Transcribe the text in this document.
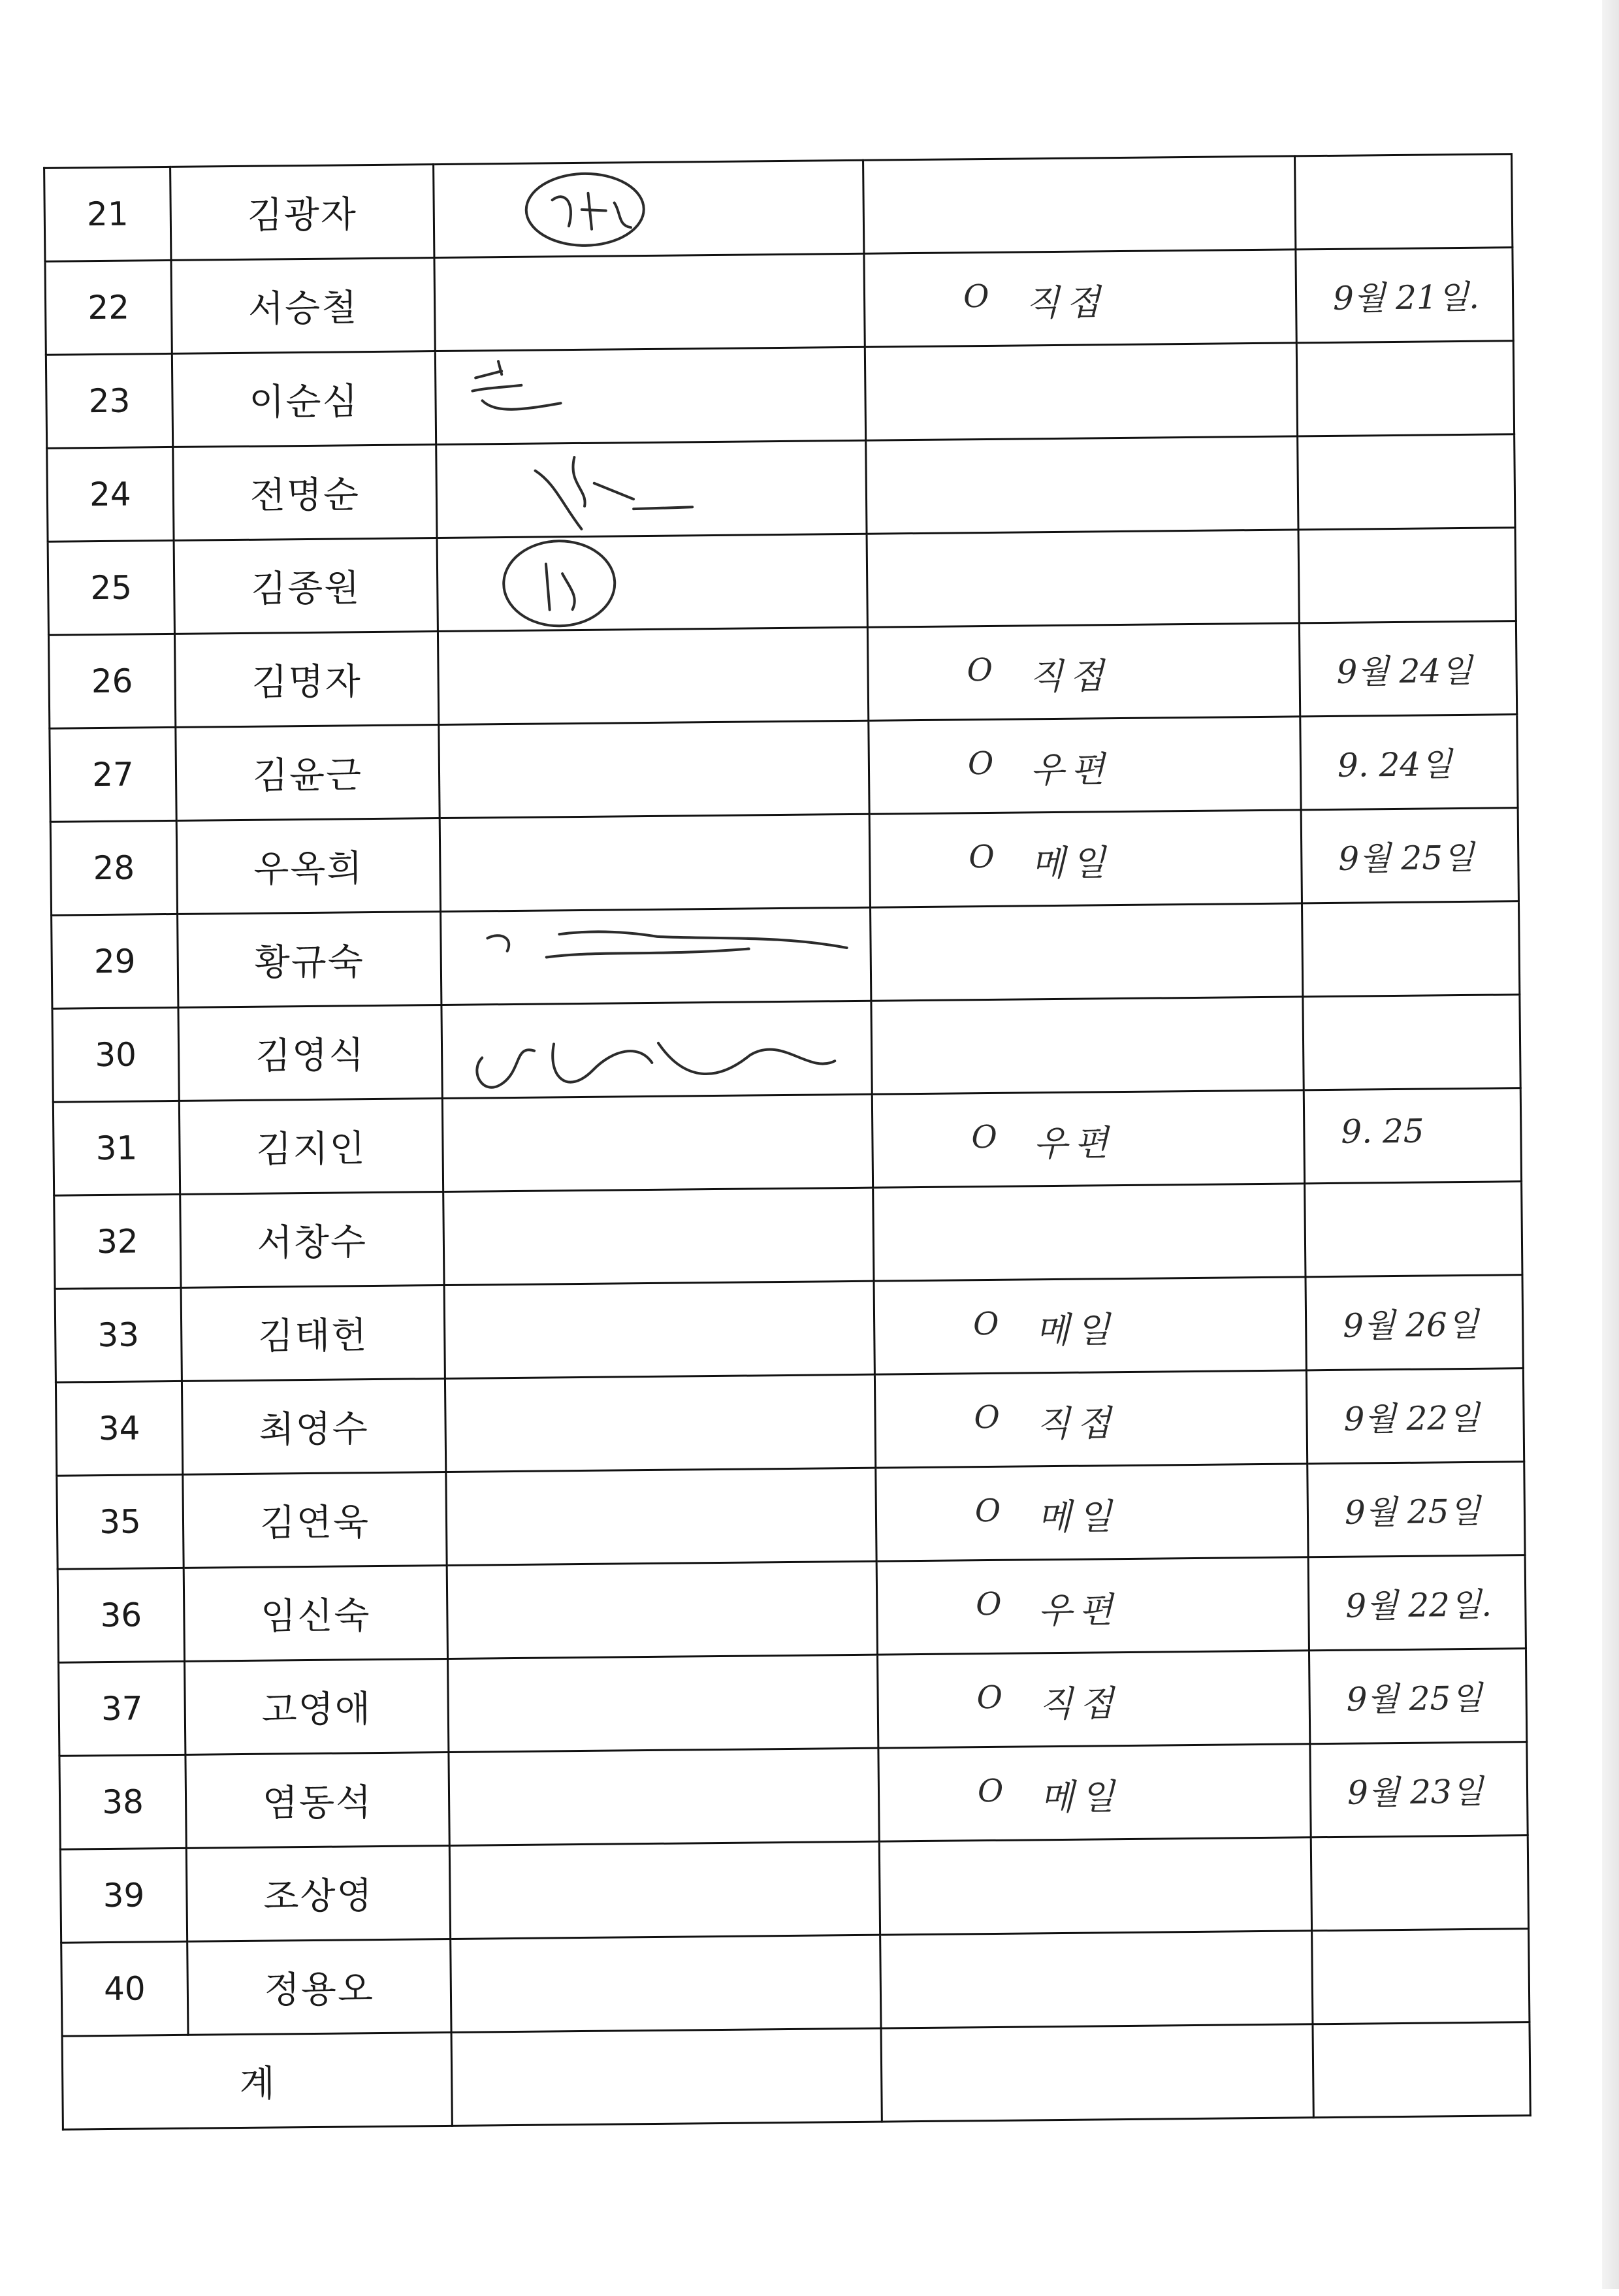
21	김광자	

22	서승철		O 직접	9월 21일.

23	이순심	

24	전명순	

25	김종원	

26	김명자		O 직접	9월 24일

27	김윤근		O 우편	9. 24일

28	우옥희		O 메일	9월 25일

29	황규숙	

30	김영식	

31	김지인		O 우편	9. 25

32	서창수			
33	김태헌		O 메일	9월 26일

34	최영수		O 직접	9월 22일

35	김연욱		O 메일	9월 25일

36	임신숙		O 우편	9월 22일.

37	고영애		O 직접	9월 25일

38	염동석		O 메일	9월 23일

39	조상영			
40	정용오			
계				
